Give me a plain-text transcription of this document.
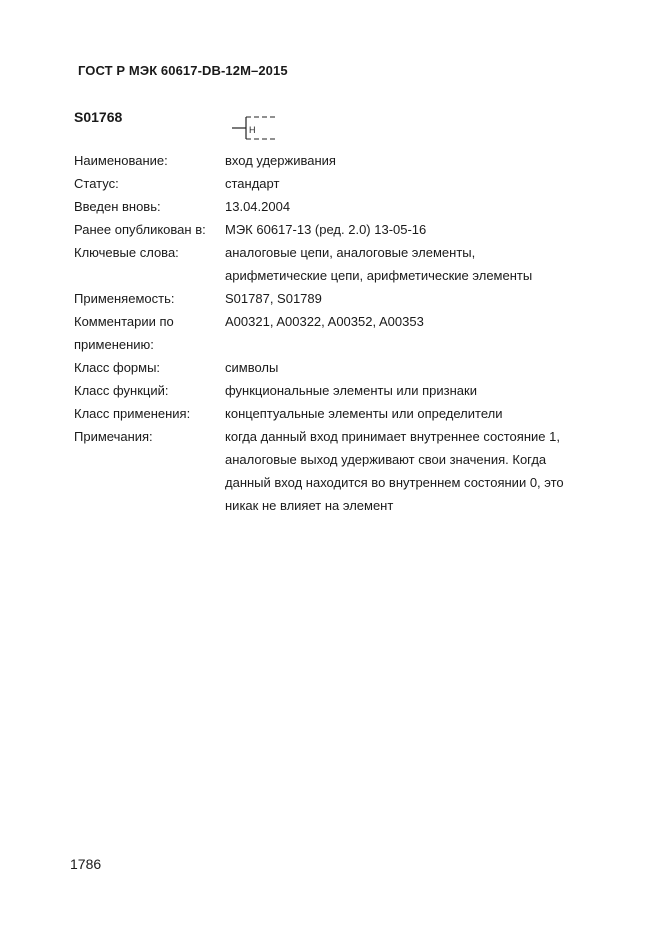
ГОСТ Р МЭК 60617-DB-12M–2015
S01768
H
Наименование:	вход удерживания
Статус:	стандарт
Введен вновь:	13.04.2004
Ранее опубликован в:	МЭК 60617-13 (ред. 2.0) 13-05-16
Ключевые слова:	аналоговые цепи, аналоговые элементы,
арифметические цепи, арифметические элементы
Применяемость:	S01787, S01789
Комментарии по	A00321, A00322, A00352, A00353
применению:

Класс формы:	символы
Класс функций:	функциональные элементы или признаки
Класс применения:	концептуальные элементы или определители
Примечания:	когда данный вход принимает внутреннее состояние 1,
аналоговые выход удерживают свои значения. Когда
данный вход находится во внутреннем состоянии 0, это
никак не влияет на элемент
1786
